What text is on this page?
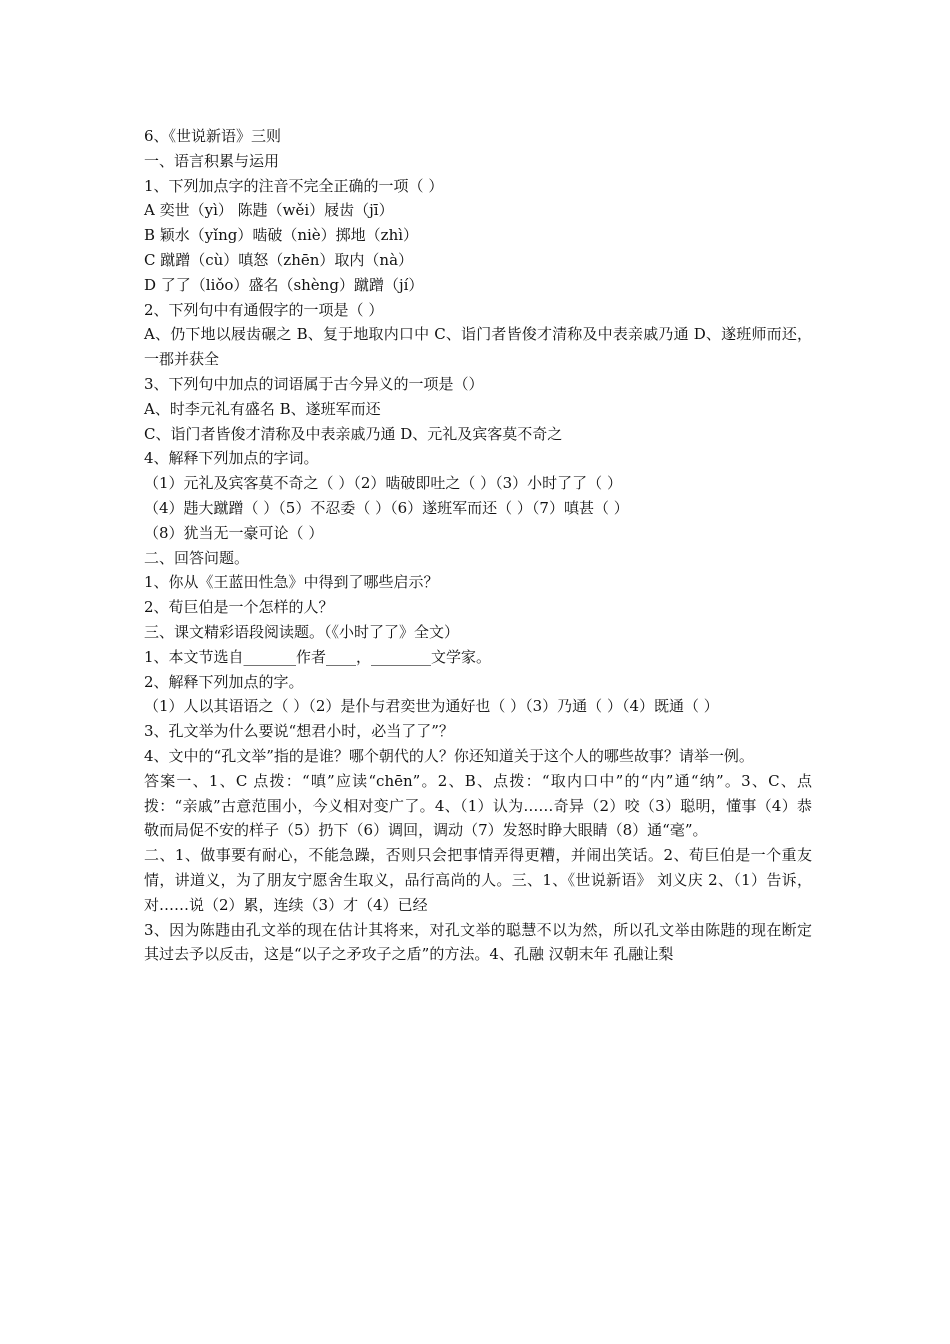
6、《世说新语》三则
一、语言积累与运用
1、下列加点字的注音不完全正确的一项（ ）
A 奕世（yì） 陈韪（wěi）屐齿（jī）
B 颖水（yǐng）啮破（niè）掷地（zhì）
C 蹴蹭（cù）嗔怒（zhēn）取内（nà）
D 了了（liǒo）盛名（shèng）蹴蹭（jí）
2、下列句中有通假字的一项是（ ）
A、仍下地以屐齿碾之 B、复于地取内口中 C、诣门者皆俊才清称及中表亲戚乃通 D、遂班师而还，一郡并获全
3、下列句中加点的词语属于古今异义的一项是（）
A、时李元礼有盛名 B、遂班军而还
C、诣门者皆俊才清称及中表亲戚乃通 D、元礼及宾客莫不奇之
4、解释下列加点的字词。
（1）元礼及宾客莫不奇之（ ）（2）啮破即吐之（ ）（3）小时了了（ ）
（4）韪大蹴蹭（ ）（5）不忍委（ ）（6）遂班军而还（ ）（7）嗔甚（ ）
（8）犹当无一豪可论（ ）
二、回答问题。
1、你从《王蓝田性急》中得到了哪些启示？
2、荀巨伯是一个怎样的人？
三、课文精彩语段阅读题。（《小时了了》全文）
1、本文节选自_______作者____，________文学家。
2、解释下列加点的字。
（1）人以其语语之（ ）（2）是仆与君奕世为通好也（ ）（3）乃通（ ）（4）既通（ ）
3、孔文举为什么要说“想君小时，必当了了”？
4、文中的“孔文举”指的是谁？哪个朝代的人？你还知道关于这个人的哪些故事？请举一例。
答案一、1、C 点拨：“嗔”应读“chēn”。2、B、点拨：“取内口中”的“内”通“纳”。3、C、点拨：“亲戚”古意范围小，今义相对变广了。4、（1）认为……奇异（2）咬（3）聪明，懂事（4）恭敬而局促不安的样子（5）扔下（6）调回，调动（7）发怒时睁大眼睛（8）通“毫”。
二、1、做事要有耐心，不能急躁，否则只会把事情弄得更糟，并闹出笑话。2、荀巨伯是一个重友情，讲道义，为了朋友宁愿舍生取义，品行高尚的人。三、1、《世说新语》 刘义庆 2、（1）告诉，对……说（2）累，连续（3）才（4）已经
3、因为陈韪由孔文举的现在估计其将来，对孔文举的聪慧不以为然，所以孔文举由陈韪的现在断定其过去予以反击，这是“以子之矛攻子之盾”的方法。4、孔融 汉朝末年 孔融让梨
